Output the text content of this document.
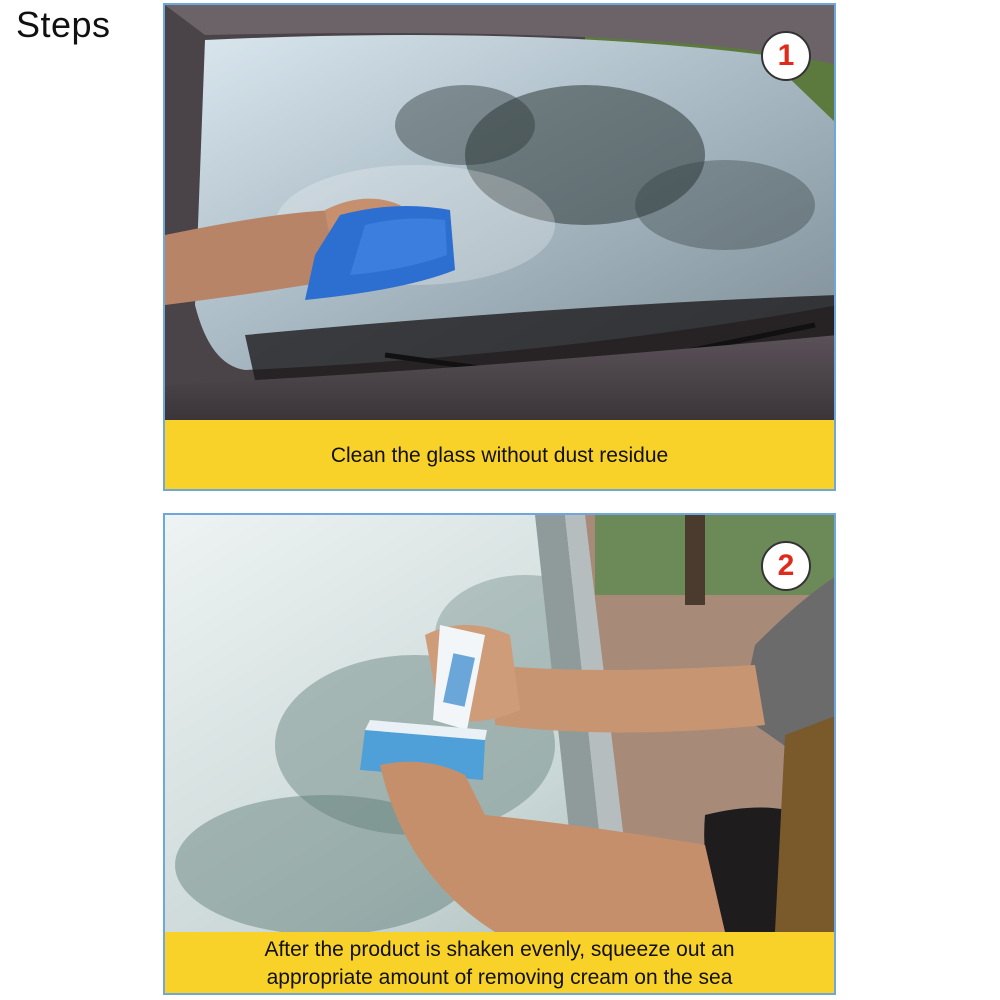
Steps
1
Clean the glass without dust residue
2
After the product is shaken evenly, squeeze out an
appropriate amount of removing cream on the sea
